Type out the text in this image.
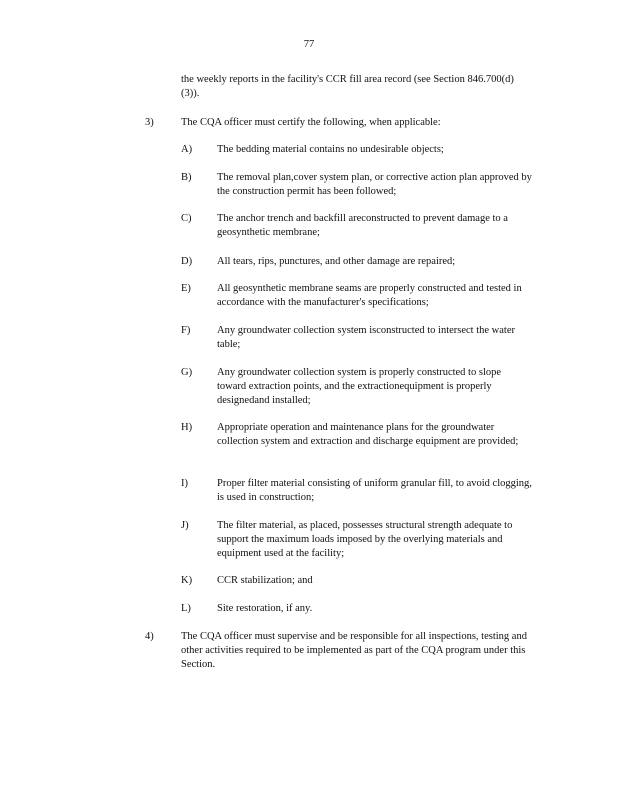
77

the weekly reports in the facility's CCR fill area record (see Section 846.700(d)(3)).

3)	The CQA officer must certify the following, when applicable:
A) The bedding material contains no undesirable objects;
B) The removal plan,cover system plan, or corrective action plan approved by the construction permit has been followed;
C) The anchor trench and backfill areconstructed to prevent damage to a geosynthetic membrane;
D) All tears, rips, punctures, and other damage are repaired;
E) All geosynthetic membrane seams are properly constructed and tested in accordance with the manufacturer's specifications;
F)	Any groundwater collection system isconstructed to intersect the water table;
G) Any groundwater collection system is properly constructed to slope toward extraction points, and the extractionequipment is properly designedand installed;
H) Appropriate operation and maintenance plans for the groundwater collection system and extraction and discharge equipment are provided;
I)	Proper filter material consisting of uniform granular fill, to avoid clogging, is used in construction;
J)	The filter material, as placed, possesses structural strength adequate to support the maximum loads imposed by the overlying materials and equipment used at the facility;
K) CCR stabilization; and
L) Site restoration, if any.
4)	The CQA officer must supervise and be responsible for all inspections, testing and other activities required to be implemented as part of the CQA program under this Section.
